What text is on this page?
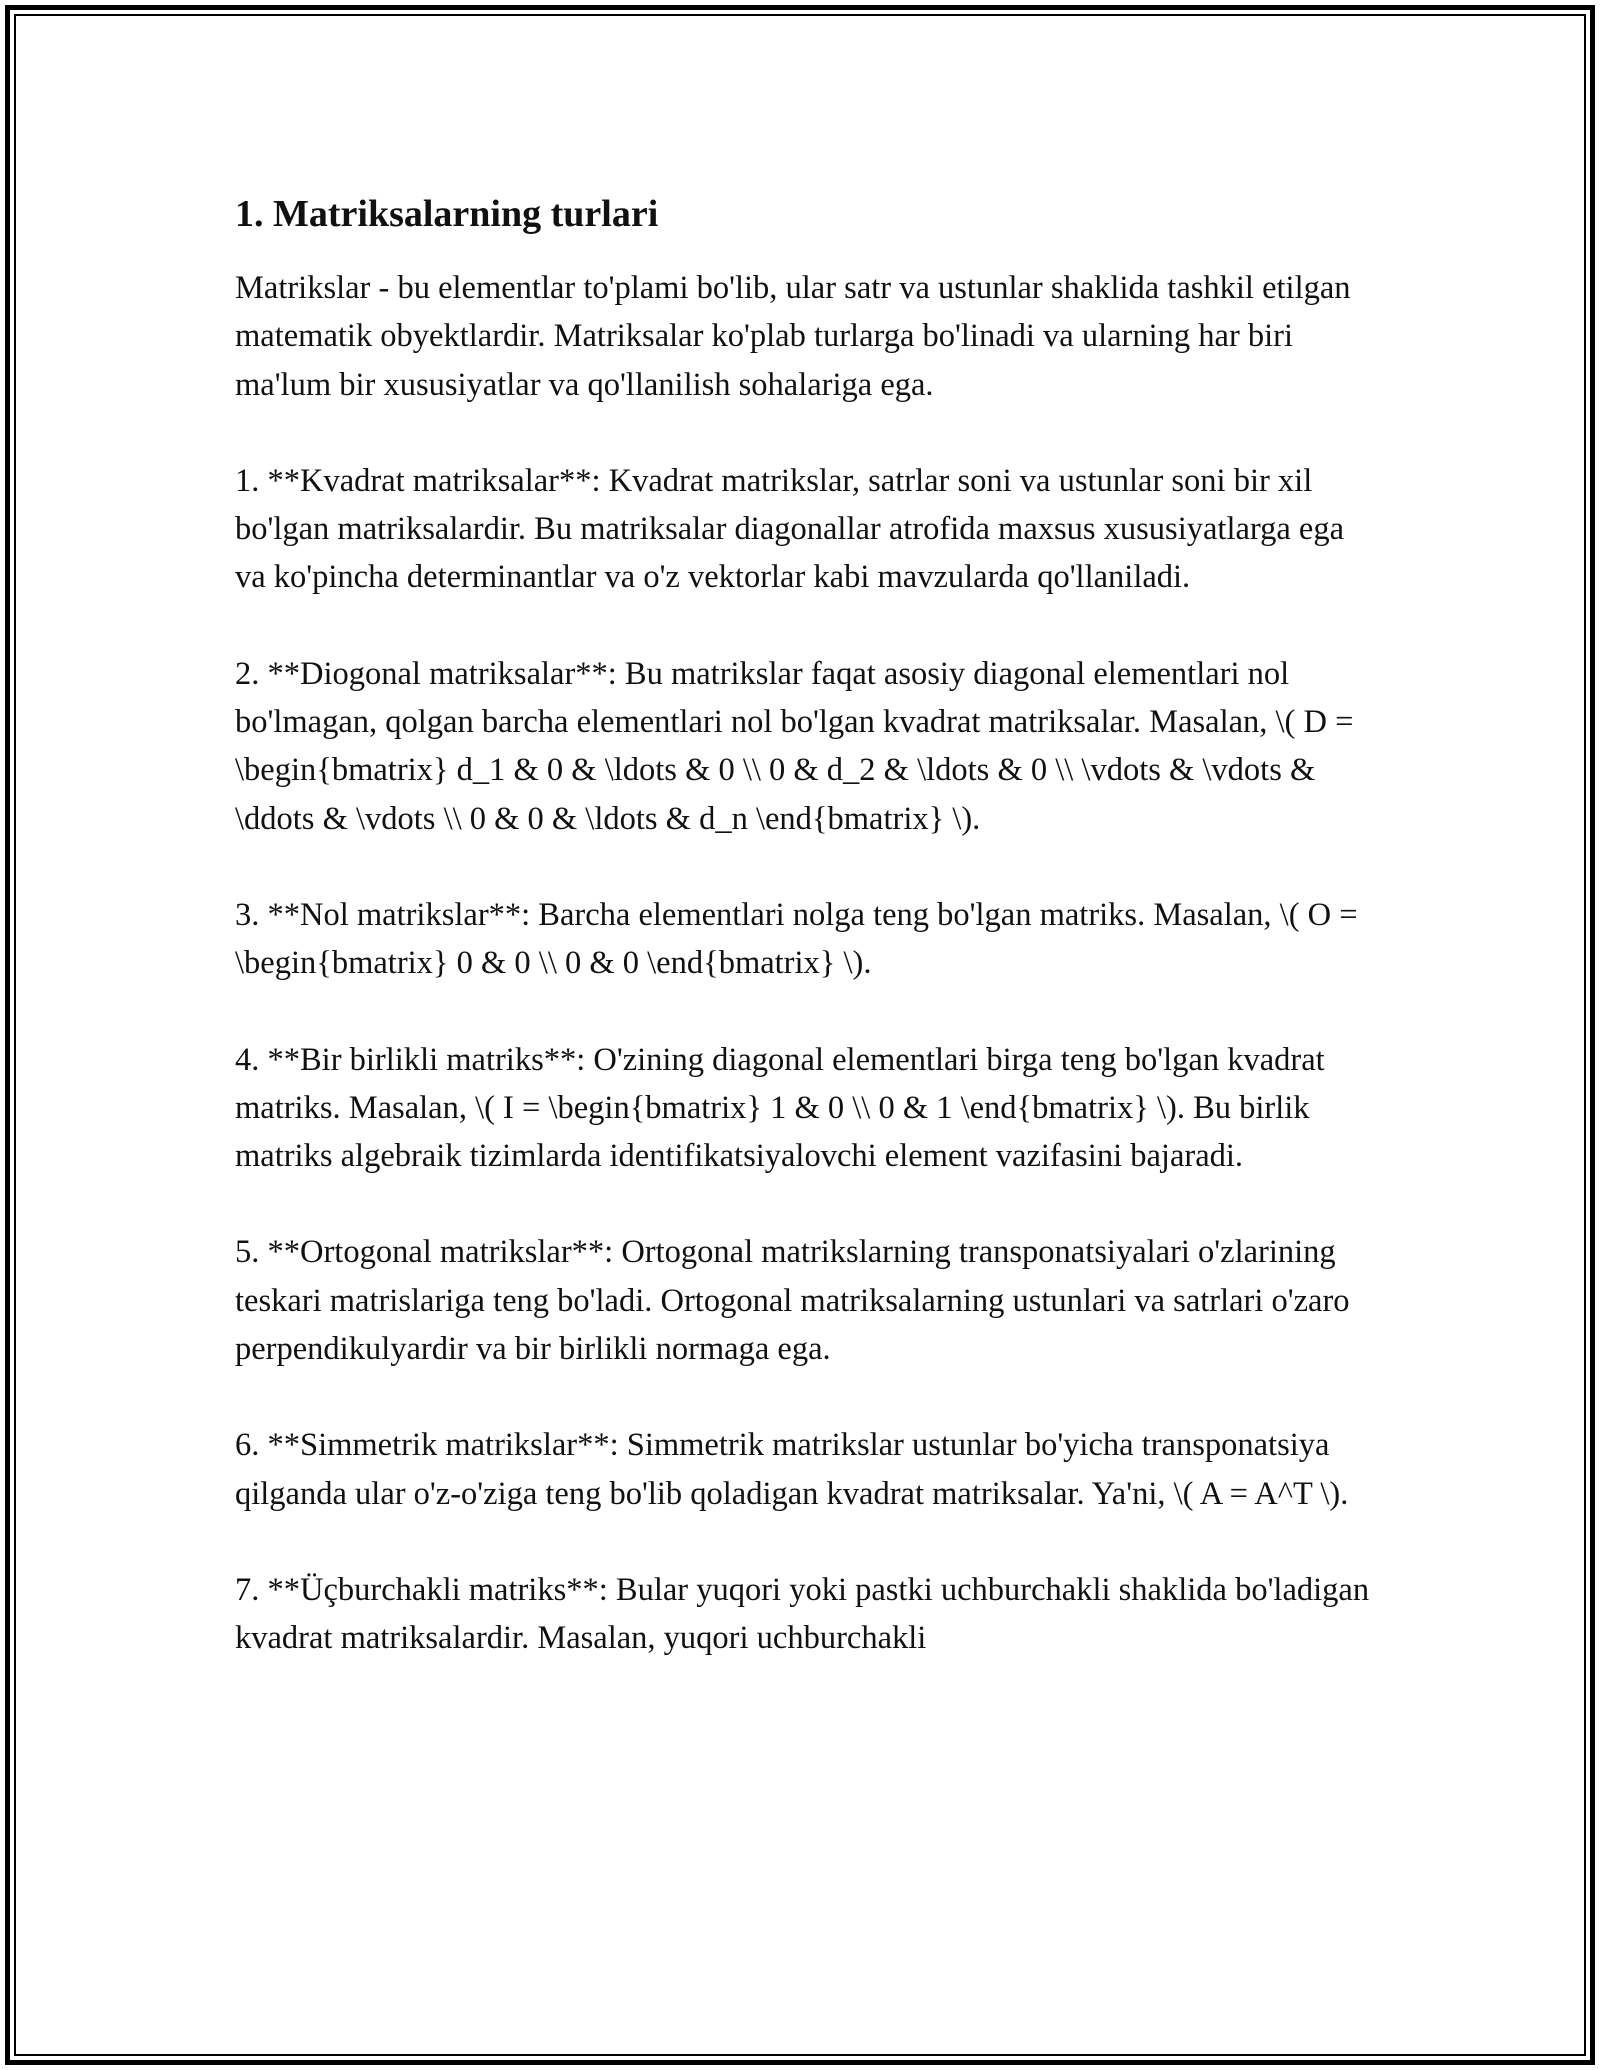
1. Matriksalarning turlari

Matrikslar - bu elementlar to'plami bo'lib, ular satr va ustunlar shaklida tashkil etilgan matematik obyektlardir. Matriksalar ko'plab turlarga bo'linadi va ularning har biri ma'lum bir xususiyatlar va qo'llanilish sohalariga ega.

1. **Kvadrat matriksalar**: Kvadrat matrikslar, satrlar soni va ustunlar soni bir xil bo'lgan matriksalardir. Bu matriksalar diagonallar atrofida maxsus xususiyatlarga ega va ko'pincha determinantlar va o'z vektorlar kabi mavzularda qo'llaniladi.

2. **Diogonal matriksalar**: Bu matrikslar faqat asosiy diagonal elementlari nol bo'lmagan, qolgan barcha elementlari nol bo'lgan kvadrat matriksalar. Masalan, \( D = \begin{bmatrix} d_1 & 0 & \ldots & 0 \\ 0 & d_2 & \ldots & 0 \\ \vdots & \vdots & \ddots & \vdots \\ 0 & 0 & \ldots & d_n \end{bmatrix} \).

3. **Nol matrikslar**: Barcha elementlari nolga teng bo'lgan matriks. Masalan, \( O = \begin{bmatrix} 0 & 0 \\ 0 & 0 \end{bmatrix} \).

4. **Bir birlikli matriks**: O'zining diagonal elementlari birga teng bo'lgan kvadrat matriks. Masalan, \( I = \begin{bmatrix} 1 & 0 \\ 0 & 1 \end{bmatrix} \). Bu birlik matriks algebraik tizimlarda identifikatsiyalovchi element vazifasini bajaradi.

5. **Ortogonal matrikslar**: Ortogonal matrikslarning transponatsiyalari o'zlarining teskari matrislariga teng bo'ladi. Ortogonal matriksalarning ustunlari va satrlari o'zaro perpendikulyardir va bir birlikli normaga ega.

6. **Simmetrik matrikslar**: Simmetrik matrikslar ustunlar bo'yicha transponatsiya qilganda ular o'z-o'ziga teng bo'lib qoladigan kvadrat matriksalar. Ya'ni, \( A = A^T \).

7. **Üçburchakli matriks**: Bular yuqori yoki pastki uchburchakli shaklida bo'ladigan kvadrat matriksalardir. Masalan, yuqori uchburchakli
